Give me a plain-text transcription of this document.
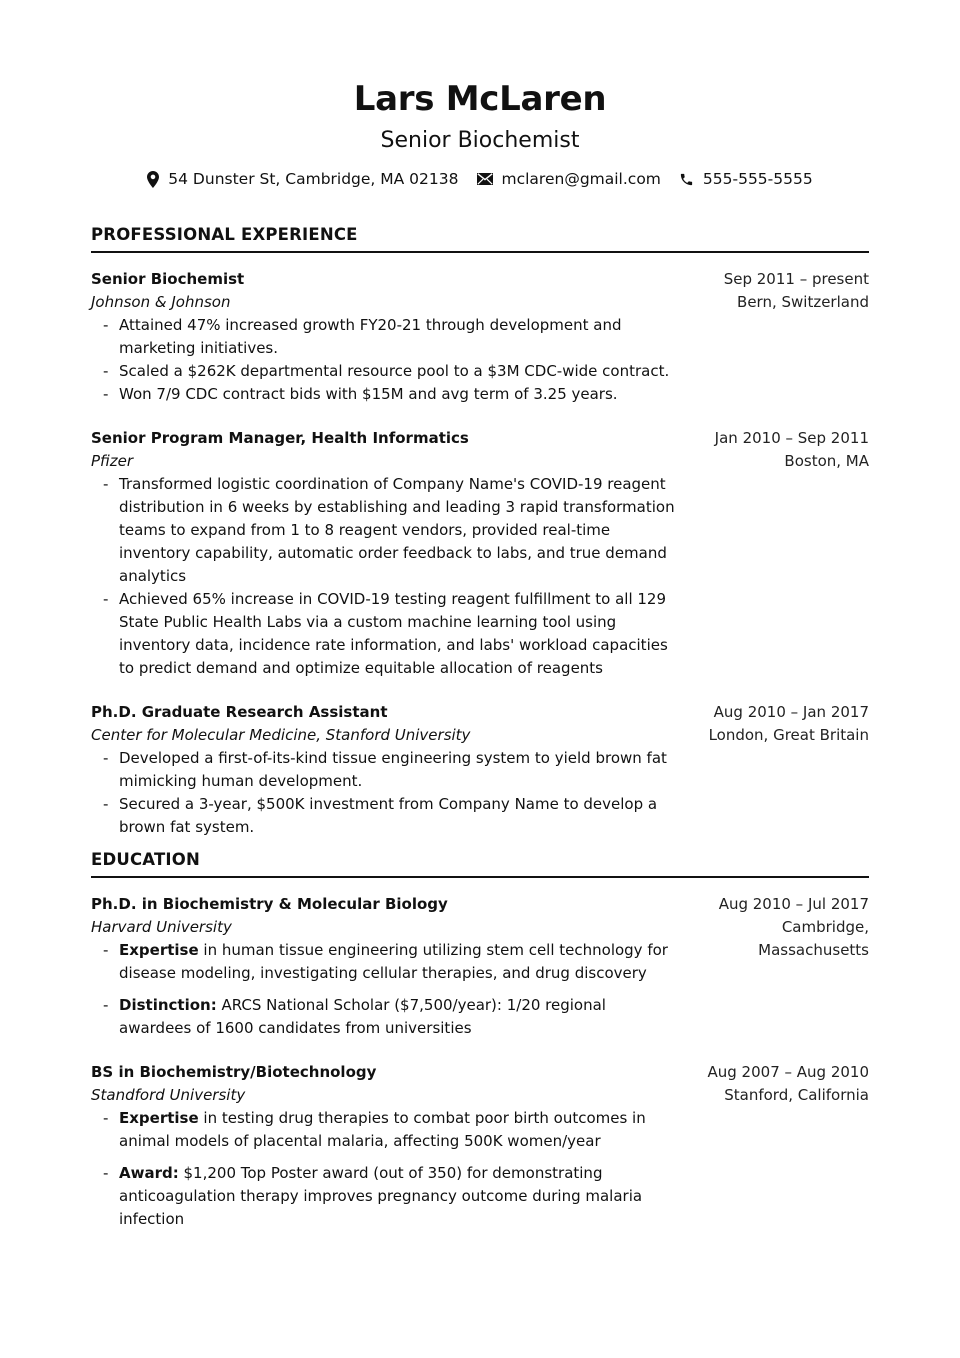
Lars McLaren
Senior Biochemist
54 Dunster St, Cambridge, MA 02138	mclaren@gmail.com	555-555-5555
PROFESSIONAL EXPERIENCE
Senior Biochemist	Sep 2011 – present
Johnson & Johnson	Bern, Switzerland
- Attained 47% increased growth FY20-21 through development and marketing initiatives.
- Scaled a $262K departmental resource pool to a $3M CDC-wide contract.
- Won 7/9 CDC contract bids with $15M and avg term of 3.25 years.
Senior Program Manager, Health Informatics	Jan 2010 – Sep 2011
Pfizer	Boston, MA
- Transformed logistic coordination of Company Name's COVID-19 reagent distribution in 6 weeks by establishing and leading 3 rapid transformation teams to expand from 1 to 8 reagent vendors, provided real-time inventory capability, automatic order feedback to labs, and true demand analytics
- Achieved 65% increase in COVID-19 testing reagent fulfillment to all 129 State Public Health Labs via a custom machine learning tool using inventory data, incidence rate information, and labs' workload capacities to predict demand and optimize equitable allocation of reagents
Ph.D. Graduate Research Assistant	Aug 2010 – Jan 2017
Center for Molecular Medicine, Stanford University	London, Great Britain
- Developed a first-of-its-kind tissue engineering system to yield brown fat mimicking human development.
- Secured a 3-year, $500K investment from Company Name to develop a brown fat system.
EDUCATION
Ph.D. in Biochemistry & Molecular Biology	Aug 2010 – Jul 2017
Harvard University	Cambridge, Massachusetts
- Expertise in human tissue engineering utilizing stem cell technology for disease modeling, investigating cellular therapies, and drug discovery
- Distinction: ARCS National Scholar ($7,500/year): 1/20 regional awardees of 1600 candidates from universities
BS in Biochemistry/Biotechnology	Aug 2007 – Aug 2010
Standford University	Stanford, California
- Expertise in testing drug therapies to combat poor birth outcomes in animal models of placental malaria, affecting 500K women/year
- Award: $1,200 Top Poster award (out of 350) for demonstrating anticoagulation therapy improves pregnancy outcome during malaria infection
